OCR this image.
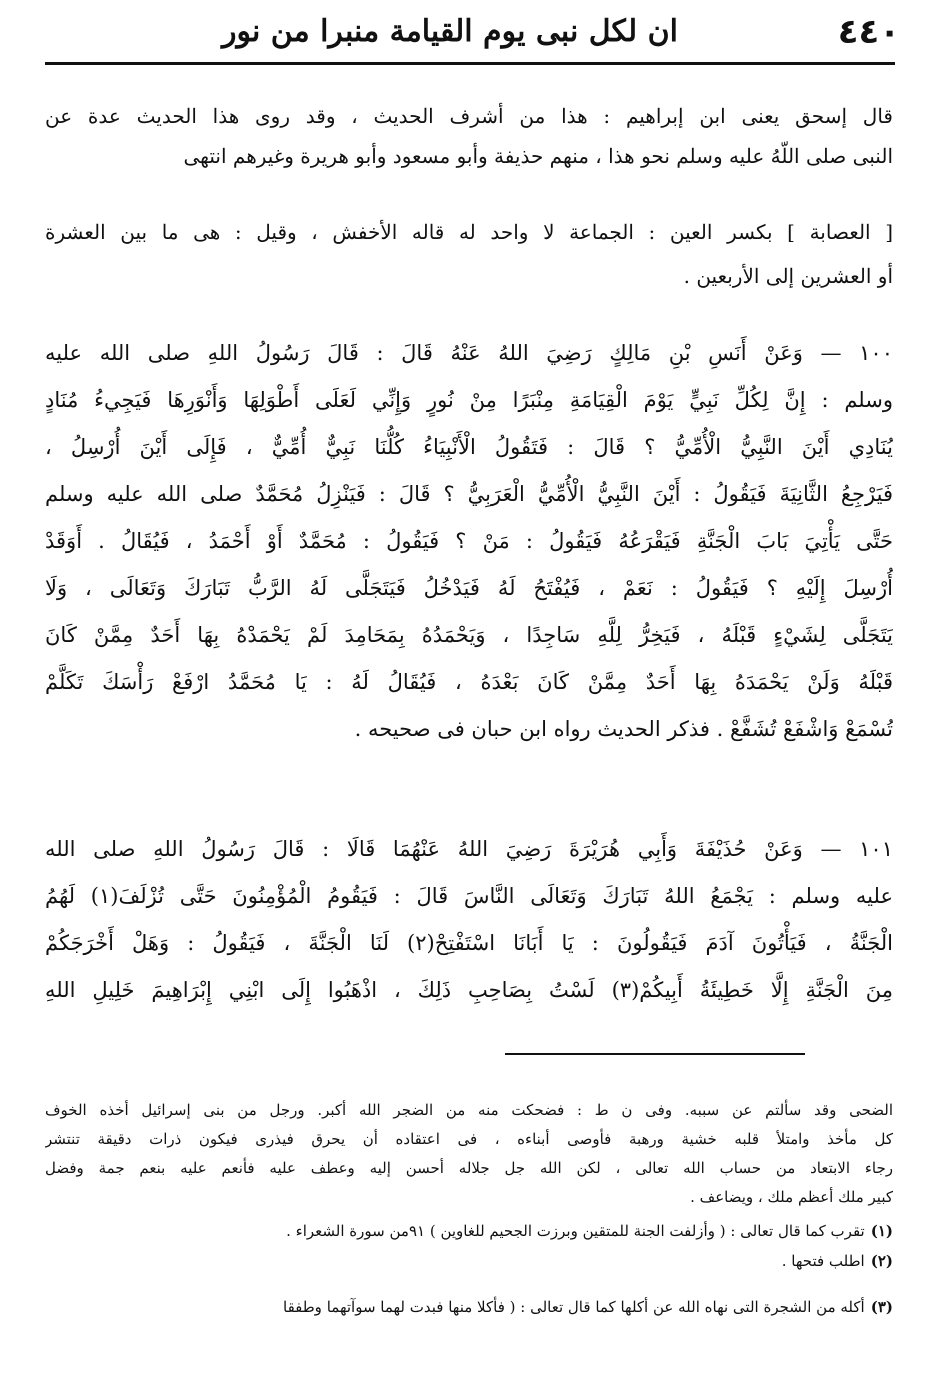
٤٤٠
ان لكل نبى يوم القيامة منبرا من نور

قال إسحق يعنى ابن إبراهيم : هذا من أشرف الحديث ، وقد روى هذا الحديث عدة عن

النبى صلى اللّهُ عليه وسلم نحو هذا ، منهم حذيفة وأبو مسعود وأبو هريرة وغيرهم انتهى

[ العصابة ] بكسر العين : الجماعة لا واحد له قاله الأخفش ، وقيل : هى ما بين العشرة

أو العشرين إلى الأربعين .

١٠٠ — وَعَنْ أَنَسِ بْنِ مَالِكٍ رَضِيَ اللهُ عَنْهُ قَالَ : قَالَ رَسُولُ اللهِ صلى الله عليه

وسلم : إِنَّ لِكُلِّ نَبِيٍّ يَوْمَ الْقِيَامَةِ مِنْبَرًا مِنْ نُورٍ وَإِنِّي لَعَلَى أَطْوَلِهَا وَأَنْوَرِهَا فَيَجِيءُ مُنَادٍ

يُنَادِي أَيْنَ النَّبِيُّ الْأُمِّيُّ ؟ قَالَ : فَتَقُولُ الْأَنْبِيَاءُ كُلُّنَا نَبِيٌّ أُمِّيٌّ ، فَإِلَى أَيْنَ أُرْسِلُ ،

فَيَرْجِعُ الثَّانِيَةَ فَيَقُولُ : أَيْنَ النَّبِيُّ الْأُمِّيُّ الْعَرَبِيُّ ؟ قَالَ : فَيَنْزِلُ مُحَمَّدٌ صلى الله عليه وسلم

حَتَّى يَأْتِيَ بَابَ الْجَنَّةِ فَيَقْرَعُهُ فَيَقُولُ : مَنْ ؟ فَيَقُولُ : مُحَمَّدٌ أَوْ أَحْمَدُ ، فَيُقَالُ . أَوَقَدْ

أُرْسِلَ إِلَيْهِ ؟ فَيَقُولُ : نَعَمْ ، فَيُفْتَحُ لَهُ فَيَدْخُلُ فَيَتَجَلَّى لَهُ الرَّبُّ تَبَارَكَ وَتَعَالَى ، وَلَا

يَتَجَلَّى لِشَيْءٍ قَبْلَهُ ، فَيَخِرُّ لِلَّهِ سَاجِدًا ، وَيَحْمَدُهُ بِمَحَامِدَ لَمْ يَحْمَدْهُ بِهَا أَحَدٌ مِمَّنْ كَانَ

قَبْلَهُ وَلَنْ يَحْمَدَهُ بِهَا أَحَدٌ مِمَّنْ كَانَ بَعْدَهُ ، فَيُقَالُ لَهُ : يَا مُحَمَّدُ ارْفَعْ رَأْسَكَ تَكَلَّمْ

تُسْمَعْ وَاشْفَعْ تُشَفَّعْ . فذكر الحديث رواه ابن حبان فى صحيحه .

١٠١ — وَعَنْ حُذَيْفَةَ وَأَبِي هُرَيْرَةَ رَضِيَ اللهُ عَنْهُمَا قَالَا : قَالَ رَسُولُ اللهِ صلى الله

عليه وسلم : يَجْمَعُ اللهُ تَبَارَكَ وَتَعَالَى النَّاسَ قَالَ : فَيَقُومُ الْمُؤْمِنُونَ حَتَّى تُزْلَفَ(١) لَهُمُ

الْجَنَّةُ ، فَيَأْتُونَ آدَمَ فَيَقُولُونَ : يَا أَبَانَا اسْتَفْتِحْ(٢) لَنَا الْجَنَّةَ ، فَيَقُولُ : وَهَلْ أَخْرَجَكُمْ

مِنَ الْجَنَّةِ إِلَّا خَطِيئَةُ أَبِيكُمْ(٣) لَسْتُ بِصَاحِبِ ذَلِكَ ، اذْهَبُوا إِلَى ابْنِي إِبْرَاهِيمَ خَلِيلِ اللهِ

الضحى وقد سألتم عن سببه. وفى ن ط : فضحكت منه من الضجر الله أكبر. ورجل من بنى إسرائيل أخذه الخوف

كل مأخذ وامتلأ قلبه خشية ورهبة فأوصى أبناءه ، فى اعتقاده أن يحرق فيذرى فيكون ذرات دقيقة تنتشر

رجاء الابتعاد من حساب الله تعالى ، لكن الله جل جلاله أحسن إليه وعطف عليه فأنعم عليه بنعم جمة وفضل

كبير ملك أعظم ملك ، ويضاعف .

(١)تقرب كما قال تعالى : ( وأزلفت الجنة للمتقين وبرزت الجحيم للغاوين ) ٩١من سورة الشعراء .

(٢)اطلب فتحها .

(٣)أكله من الشجرة التى نهاه الله عن أكلها كما قال تعالى : ( فأكلا منها فبدت لهما سوآتهما وطفقا
